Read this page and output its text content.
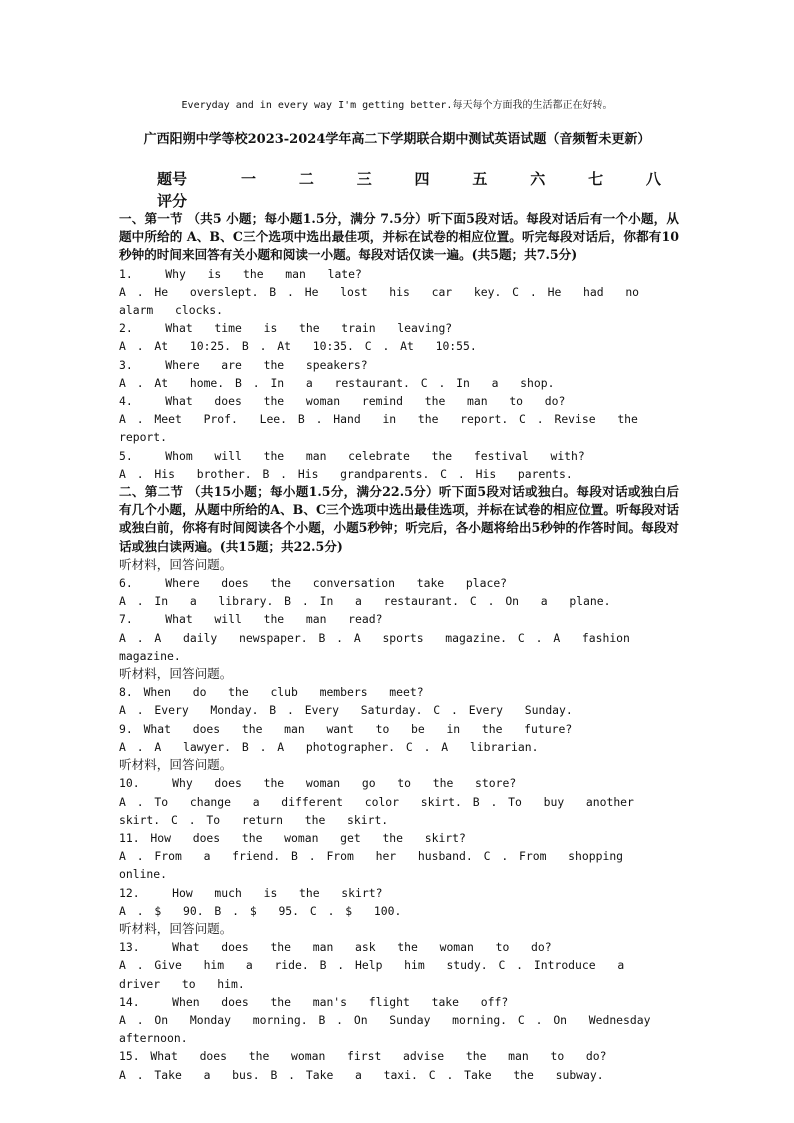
Everyday and in every way I'm getting better.每天每个方面我的生活都正在好转。
广西阳朔中学等校2023-2024学年高二下学期联合期中测试英语试题（音频暂未更新）
题号	一	二	三	四	五	六	七	八
评分
一、第一节 （共5 小题；每小题1.5分，满分 7.5分）听下面5段对话。每段对话后有一个小题，从题中所给的 A、B、C三个选项中选出最佳项，并标在试卷的相应位置。听完每段对话后，你都有10秒钟的时间来回答有关小题和阅读一小题。每段对话仅读一遍。(共5题；共7.5分)
1.   Why  is  the  man  late?
A . He  overslept. B . He  lost  his  car  key. C . He  had  no  alarm  clocks.
2.   What  time  is  the  train  leaving?
A . At  10:25. B . At  10:35. C . At  10:55.
3.   Where  are  the  speakers?
A . At  home. B . In  a  restaurant. C . In  a  shop.
4.   What  does  the  woman  remind  the  man  to  do?
A . Meet  Prof.  Lee. B . Hand  in  the  report. C . Revise  the  report.
5.   Whom  will  the  man  celebrate  the  festival  with?
A . His  brother. B . His  grandparents. C . His  parents.
二、第二节 （共15小题；每小题1.5分，满分22.5分）听下面5段对话或独白。每段对话或独白后有几个小题，从题中所给的A、B、C三个选项中选出最佳选项，并标在试卷的相应位置。听每段对话或独白前，你将有时间阅读各个小题，小题5秒钟；听完后，各小题将给出5秒钟的作答时间。每段对话或独白读两遍。(共15题；共22.5分)
听材料，回答问题。
6.   Where  does  the  conversation  take  place?
A . In  a  library. B . In  a  restaurant. C . On  a  plane.
7.   What  will  the  man  read?
A . A  daily  newspaper. B . A  sports  magazine. C . A  fashion  magazine.
听材料，回答问题。
8. When  do  the  club  members  meet?
A . Every  Monday. B . Every  Saturday. C . Every  Sunday.
9. What  does  the  man  want  to  be  in  the  future?
A . A  lawyer. B . A  photographer. C . A  librarian.
听材料，回答问题。
10.   Why  does  the  woman  go  to  the  store?
A . To  change  a  different  color  skirt. B . To  buy  another  skirt. C . To  return  the  skirt.
11. How  does  the  woman  get  the  skirt?
A . From  a  friend. B . From  her  husband. C . From  shopping  online.
12.   How  much  is  the  skirt?
A . $  90. B . $  95. C . $  100.
听材料，回答问题。
13.   What  does  the  man  ask  the  woman  to  do?
A . Give  him  a  ride. B . Help  him  study. C . Introduce  a  driver  to  him.
14.   When  does  the  man's  flight  take  off?
A . On  Monday  morning. B . On  Sunday  morning. C . On  Wednesday  afternoon.
15. What  does  the  woman  first  advise  the  man  to  do?
A . Take  a  bus. B . Take  a  taxi. C . Take  the  subway.
